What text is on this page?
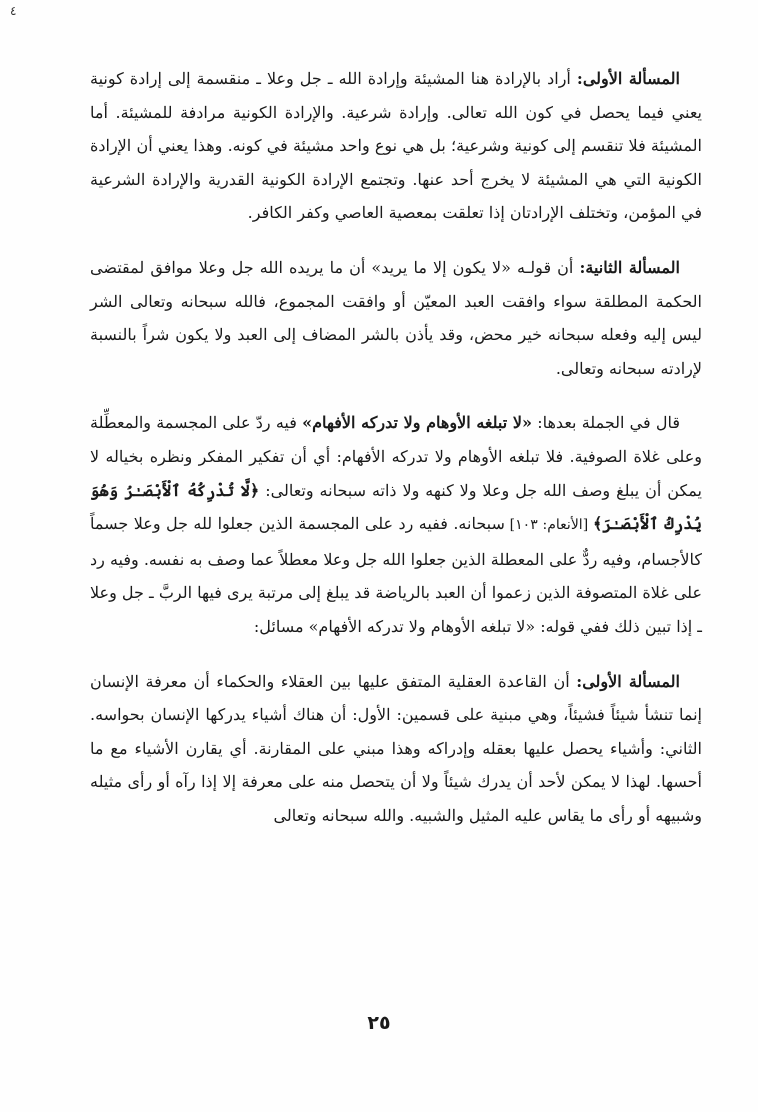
٤

المسألة الأولى: أراد بالإرادة هنا المشيئة وإرادة الله ـ جل وعلا ـ منقسمة إلى إرادة كونية يعني فيما يحصل في كون الله تعالى. وإرادة شرعية. والإرادة الكونية مرادفة للمشيئة. أما المشيئة فلا تنقسم إلى كونية وشرعية؛ بل هي نوع واحد مشيئة في كونه. وهذا يعني أن الإرادة الكونية التي هي المشيئة لا يخرج أحد عنها. وتجتمع الإرادة الكونية القدرية والإرادة الشرعية في المؤمن، وتختلف الإرادتان إذا تعلقت بمعصية العاصي وكفر الكافر.

المسألة الثانية: أن قولـه «لا يكون إلا ما يريد» أن ما يريده الله جل وعلا موافق لمقتضى الحكمة المطلقة سواء وافقت العبد المعيّن أو وافقت المجموع، فالله سبحانه وتعالى الشر ليس إليه وفعله سبحانه خير محض، وقد يأذن بالشر المضاف إلى العبد ولا يكون شراً بالنسبة لإرادته سبحانه وتعالى.

قال في الجملة بعدها: «لا تبلغه الأوهام ولا تدركه الأفهام» فيه ردّ على المجسمة والمعطِّلة وعلى غلاة الصوفية. فلا تبلغه الأوهام ولا تدركه الأفهام: أي أن تفكير المفكر ونظره بخياله لا يمكن أن يبلغ وصف الله جل وعلا ولا كنهه ولا ذاته سبحانه وتعالى: ﴿لَّا تُدْرِكُهُ ٱلْأَبْصَـٰرُ وَهُوَ يُدْرِكُ ٱلْأَبْصَـٰرَ﴾ [الأنعام: ١٠٣] سبحانه. ففيه رد على المجسمة الذين جعلوا لله جل وعلا جسماً كالأجسام، وفيه ردٌّ على المعطلة الذين جعلوا الله جل وعلا معطلاً عما وصف به نفسه. وفيه رد على غلاة المتصوفة الذين زعموا أن العبد بالرياضة قد يبلغ إلى مرتبة يرى فيها الربَّ ـ جل وعلا ـ إذا تبين ذلك ففي قوله: «لا تبلغه الأوهام ولا تدركه الأفهام» مسائل:

المسألة الأولى: أن القاعدة العقلية المتفق عليها بين العقلاء والحكماء أن معرفة الإنسان إنما تنشأ شيئاً فشيئاً، وهي مبنية على قسمين: الأول: أن هناك أشياء يدركها الإنسان بحواسه. الثاني: وأشياء يحصل عليها بعقله وإدراكه وهذا مبني على المقارنة. أي يقارن الأشياء مع ما أحسها. لهذا لا يمكن لأحد أن يدرك شيئاً ولا أن يتحصل منه على معرفة إلا إذا رآه أو رأى مثيله وشبيهه أو رأى ما يقاس عليه المثيل والشبيه. والله سبحانه وتعالى

٢٥
